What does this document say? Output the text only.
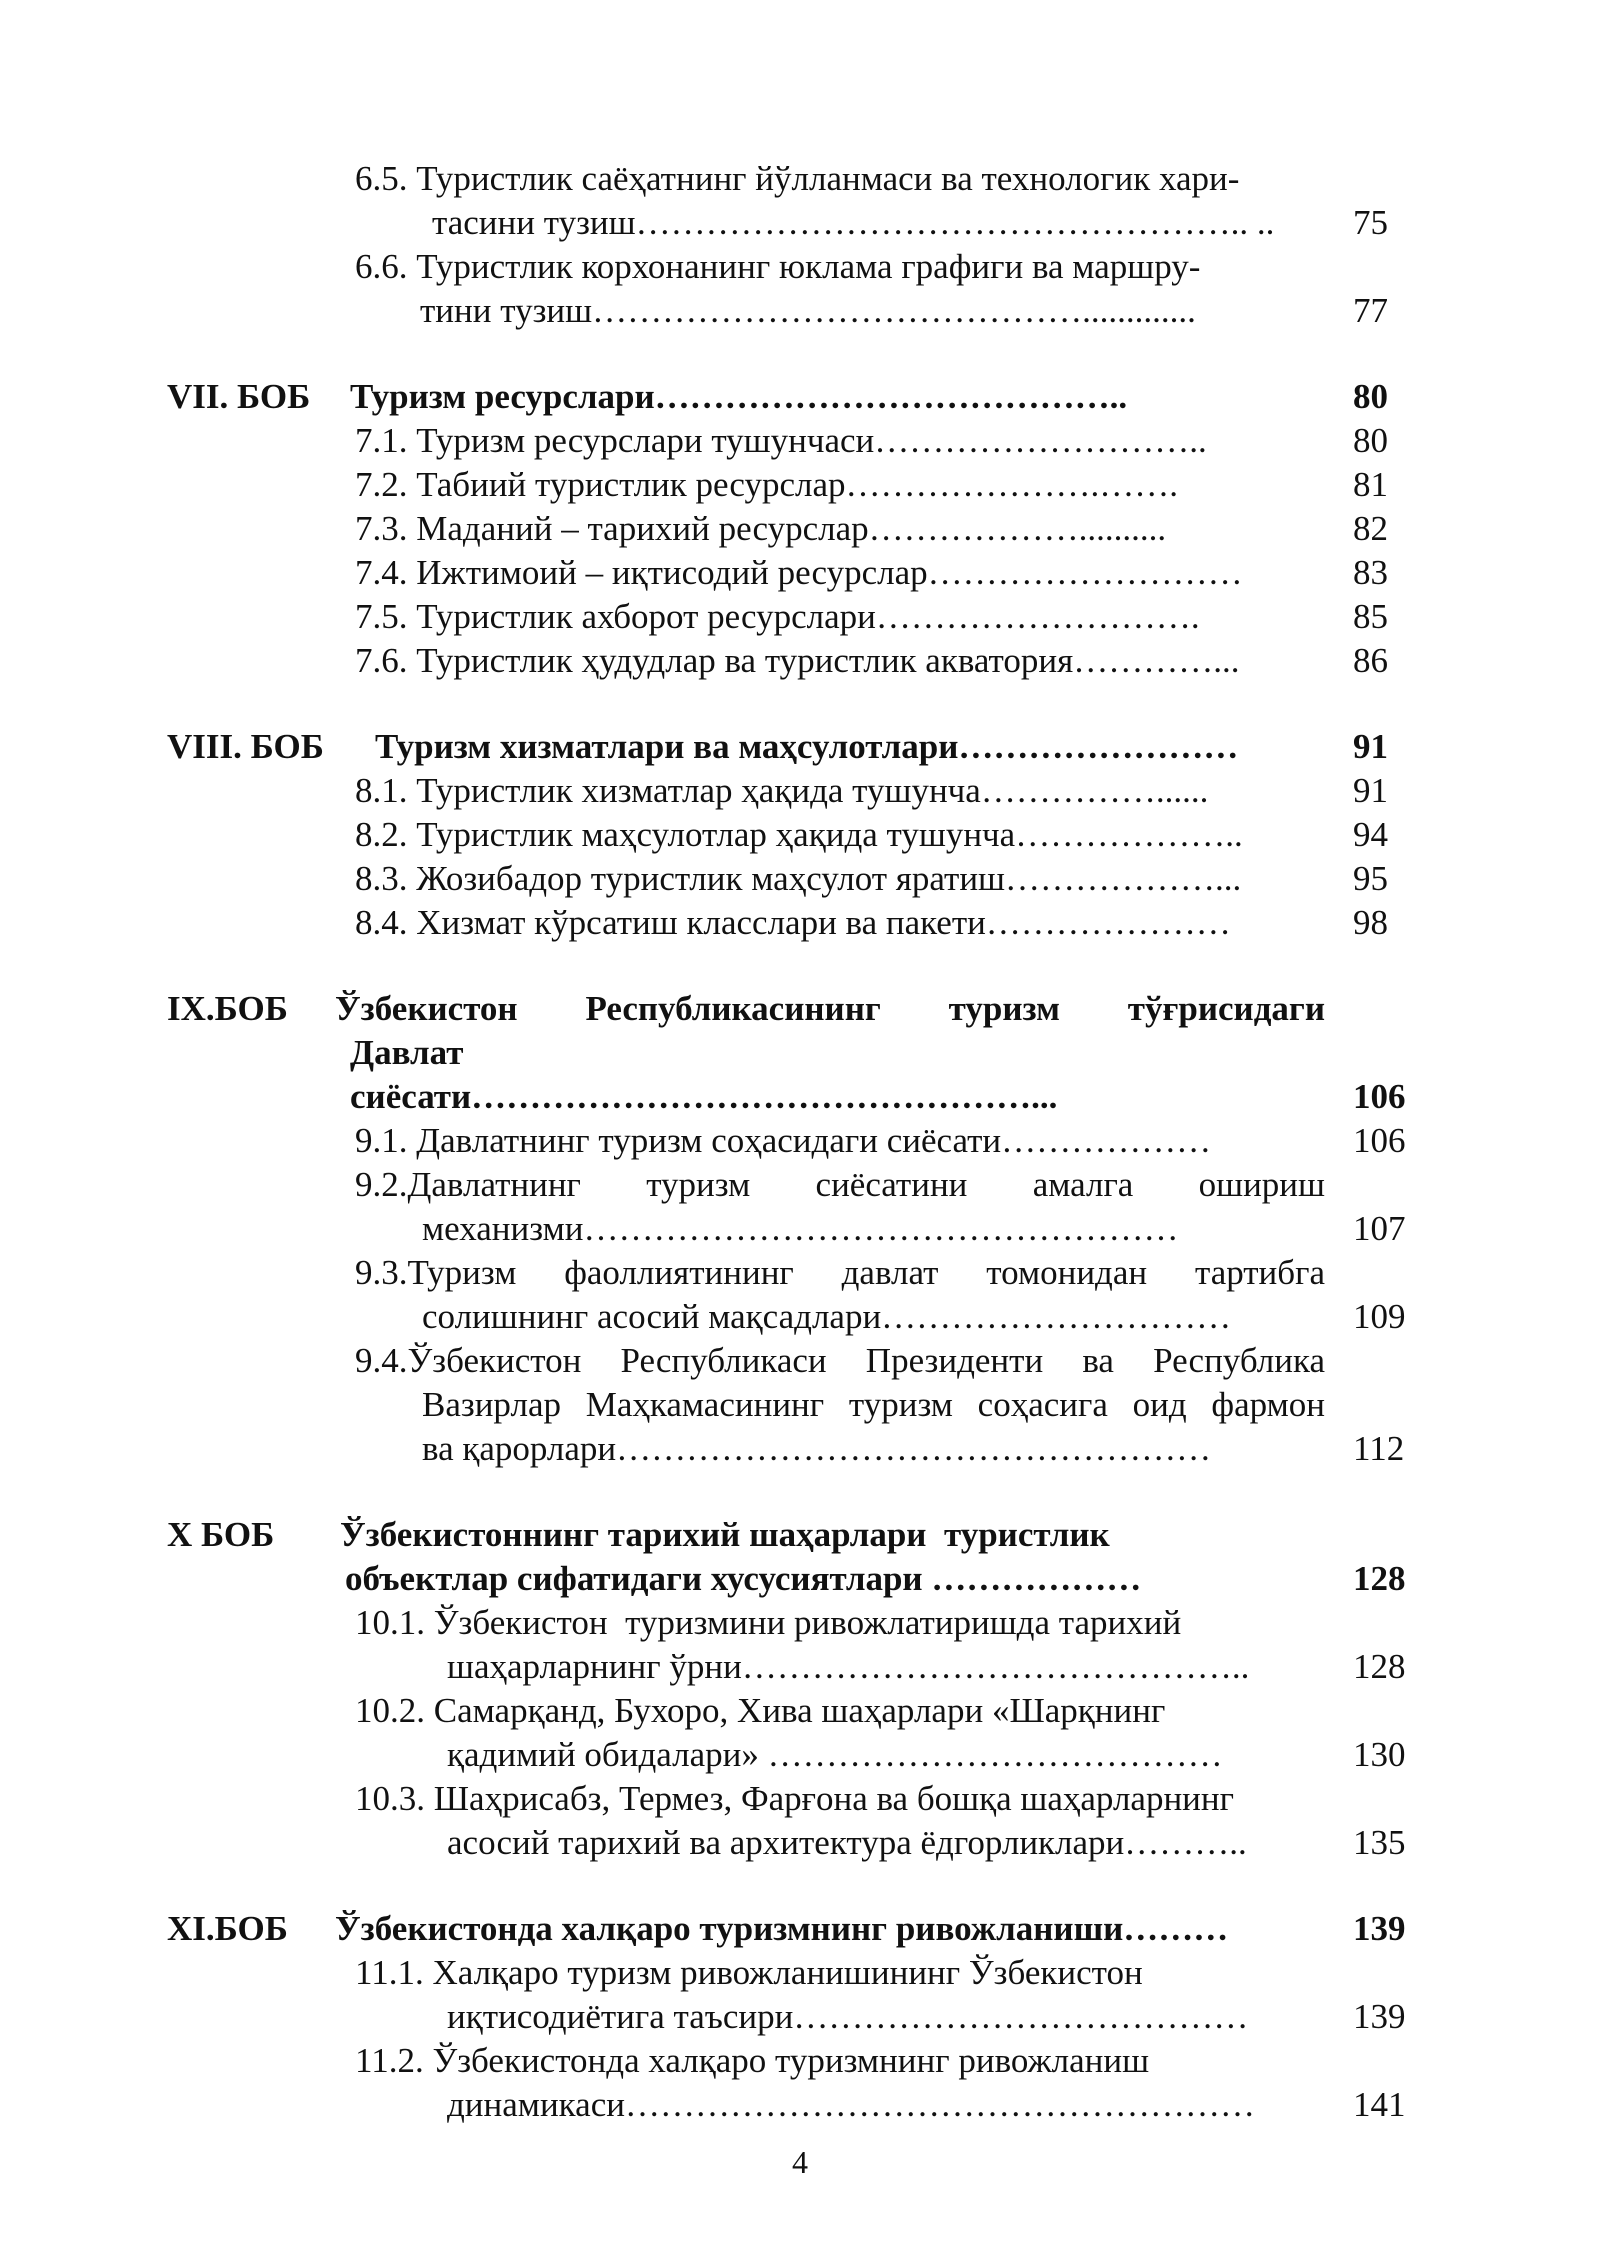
6.5. Туристлик саёҳатнинг йўлланмаси ва технологик хари-
тасини тузиш…………………………………………….. .. 75
6.6. Туристлик корхонанинг юклама графиги ва маршру-
тини тузиш…………………………………….............	77
VII. БОБ Туризм ресурслари…………………………………..	80
7.1. Туризм ресурслари тушунчаси………………………..	80
7.2. Табиий туристлик ресурслар………………….…….	81
7.3. Маданий – тарихий ресурслар………………..........	82
7.4. Ижтимоий – иқтисодий ресурслар………………………	83
7.5. Туристлик ахборот ресурслари……………………….	85
7.6. Туристлик ҳудудлар ва туристлик акватория…………...	86
VIII. БОБ Туризм хизматлари ва маҳсулотлари……………………	91
8.1. Туристлик хизматлар ҳақида тушунча……………......	91
8.2. Туристлик маҳсулотлар ҳақида тушунча………………..	94
8.3. Жозибадор туристлик маҳсулот яратиш………………...	95
8.4. Хизмат кўрсатиш класслари ва пакети…………………	98
IX.БОБ Ўзбекистон Республикасининг туризм тўғрисидаги
Давлат
сиёсати…………………………………………...	106
9.1. Давлатнинг туризм соҳасидаги сиёсати………………	106
9.2.Давлатнинг туризм сиёсатини амалга ошириш
механизми……………………………………………	107
9.3.Туризм фаоллиятининг давлат томонидан тартибга
солишнинг асосий мақсадлари…………………………	109
9.4.Ўзбекистон Республикаси Президенти ва Республика
Вазирлар Маҳкамасининг туризм соҳасига оид фармон
ва қарорлари……………………………………………	112
X БОБ Ўзбекистоннинг тарихий шаҳарлари  туристлик
объектлар сифатидаги хусусиятлари ………………	128
10.1. Ўзбекистон  туризмини ривожлатиришда тарихий
шаҳарларнинг ўрни……………………………………..	128
10.2. Самарқанд, Бухоро, Хива шаҳарлари «Шарқнинг
қадимий обидалари» …………………………………	130
10.3. Шаҳрисабз, Термез, Фарғона ва бошқа шаҳарларнинг
асосий тарихий ва архитектура ёдгорликлари………..	135
XI.БОБ Ўзбекистонда халқаро туризмнинг ривожланиши………	139
11.1. Халқаро туризм ривожланишининг Ўзбекистон
иқтисодиётига таъсири…………………………………	139
11.2. Ўзбекистонда халқаро туризмнинг ривожланиш
динамикаси………………………………………………	141
4
